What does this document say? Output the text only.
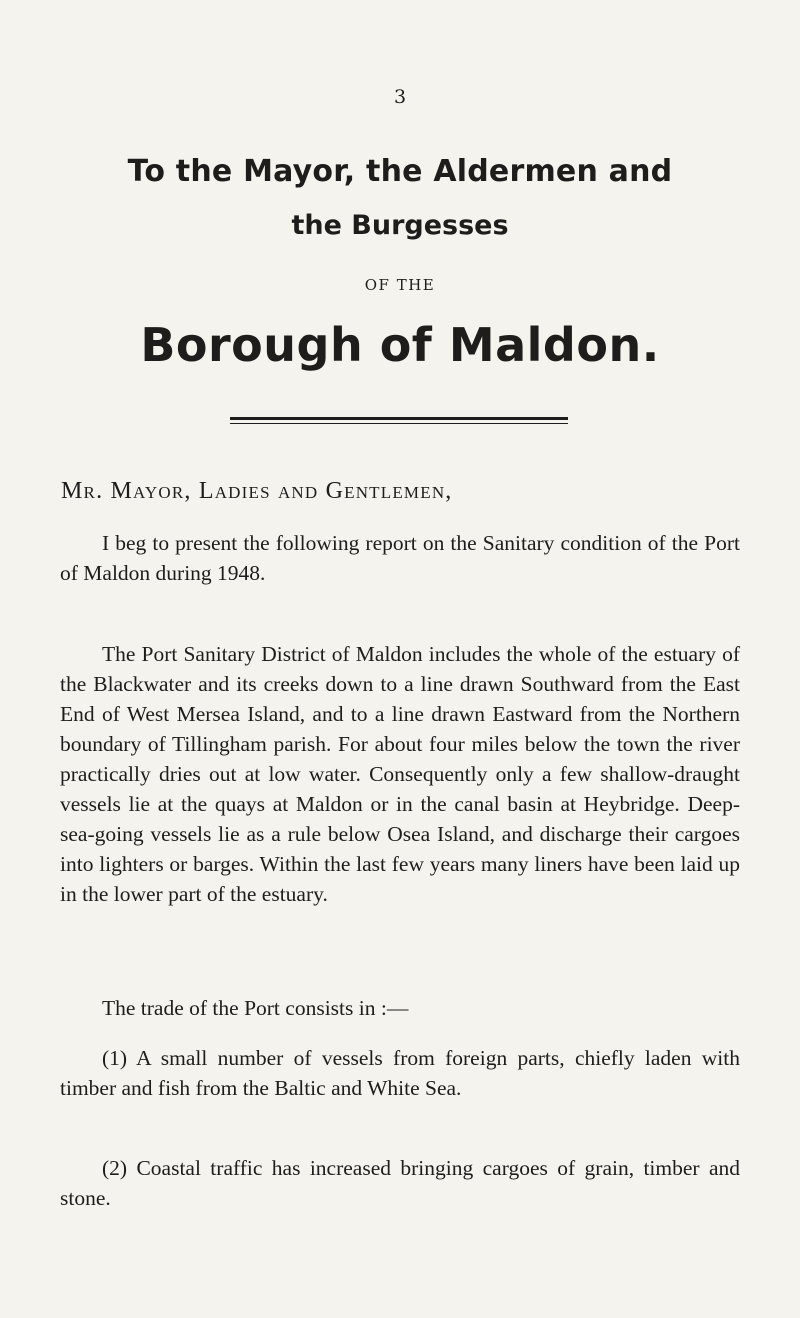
3
To the Mayor, the Aldermen and
the Burgesses
OF THE
Borough of Maldon.
Mr. Mayor, Ladies and Gentlemen,

I beg to present the following report on the Sanitary condition of the Port of Maldon during 1948.

The Port Sanitary District of Maldon includes the whole of the estuary of the Blackwater and its creeks down to a line drawn Southward from the East End of West Mersea Island, and to a line drawn Eastward from the Northern boundary of Tillingham parish. For about four miles below the town the river practically dries out at low water. Consequently only a few shallow-draught vessels lie at the quays at Maldon or in the canal basin at Heybridge. Deep-sea-going vessels lie as a rule below Osea Island, and discharge their cargoes into lighters or barges. Within the last few years many liners have been laid up in the lower part of the estuary.

The trade of the Port consists in :—

(1) A small number of vessels from foreign parts, chiefly laden with timber and fish from the Baltic and White Sea.

(2) Coastal traffic has increased bringing cargoes of grain, timber and stone.
